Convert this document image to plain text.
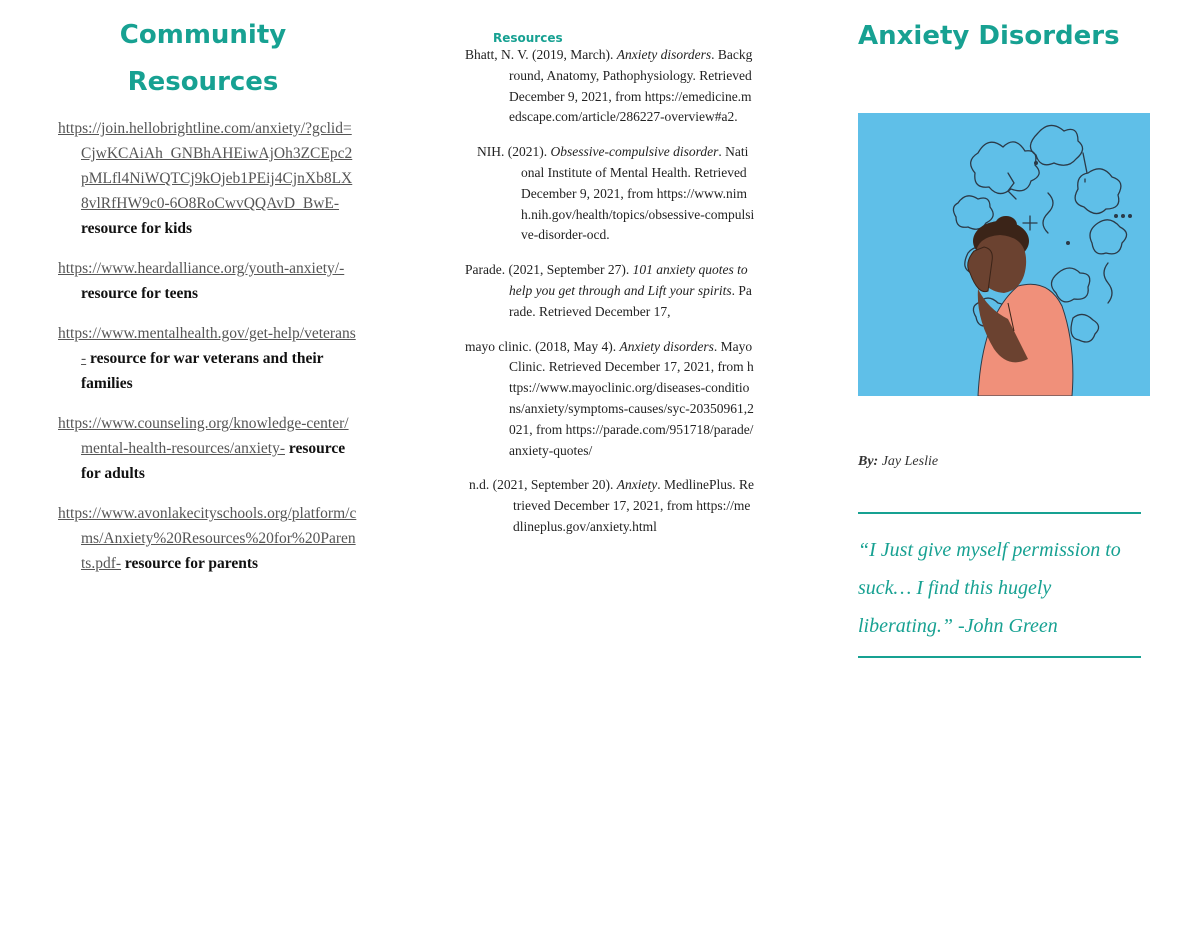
Community
Resources
https://join.hellobrightline.com/anxiety/?gclid=CjwKCAiAh_GNBhAHEiwAjOh3ZCEpc2pMLfl4NiWQTCj9kOjeb1PEij4CjnXb8LX8vlRfHW9c0-6O8RoCwvQQAvD_BwE- resource for kids
https://www.heardalliance.org/youth-anxiety/- resource for teens
https://www.mentalhealth.gov/get-help/veterans- resource for war veterans and their families
https://www.counseling.org/knowledge-center/mental-health-resources/anxiety- resource for adults
https://www.avonlakecityschools.org/platform/cms/Anxiety%20Resources%20for%20Parents.pdf- resource for parents
Resources
Bhatt, N. V. (2019, March). Anxiety disorders. Background, Anatomy, Pathophysiology. Retrieved December 9, 2021, from https://emedicine.medscape.com/article/286227-overview#a2.
NIH. (2021). Obsessive-compulsive disorder. National Institute of Mental Health. Retrieved December 9, 2021, from https://www.nimh.nih.gov/health/topics/obsessive-compulsive-disorder-ocd.
Parade. (2021, September 27). 101 anxiety quotes to help you get through and Lift your spirits. Parade. Retrieved December 17,
mayo clinic. (2018, May 4). Anxiety disorders. Mayo Clinic. Retrieved December 17, 2021, from https://www.mayoclinic.org/diseases-conditions/anxiety/symptoms-causes/syc-20350961,2021, from https://parade.com/951718/parade/anxiety-quotes/
n.d. (2021, September 20). Anxiety. MedlinePlus. Retrieved December 17, 2021, from https://medlineplus.gov/anxiety.html
Anxiety Disorders

By: Jay Leslie

“I Just give myself permission to suck… I find this hugely liberating.” -John Green
